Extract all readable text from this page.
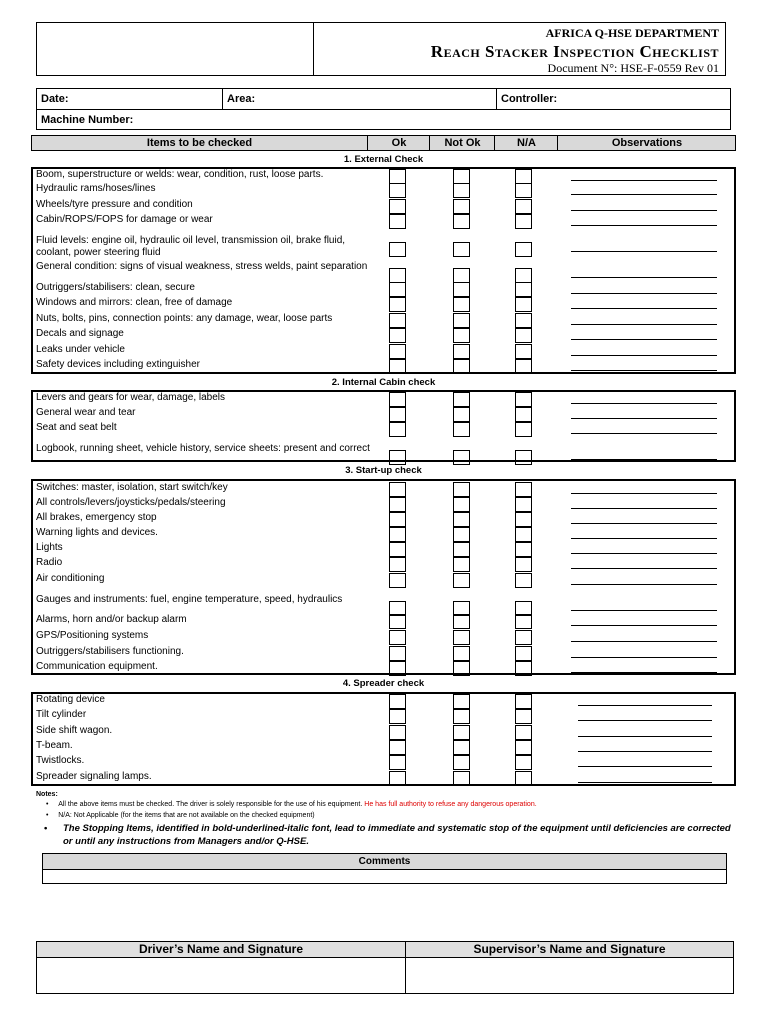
AFRICA Q-HSE DEPARTMENT
Reach Stacker Inspection Checklist
Document N°: HSE-F-0559 Rev 01
Date:	Area:	Controller:
Machine Number:
Items to be checked	Ok	Not Ok	N/A	Observations
1. External Check
Boom, superstructure or welds: wear, condition, rust, loose parts.
Hydraulic rams/hoses/lines
Wheels/tyre pressure and condition
Cabin/ROPS/FOPS for damage or wear
Fluid levels: engine oil, hydraulic oil level, transmission oil, brake fluid, coolant, power steering fluid
General condition: signs of visual weakness, stress welds, paint separation
Outriggers/stabilisers: clean, secure
Windows and mirrors: clean, free of damage
Nuts, bolts, pins, connection points: any damage, wear, loose parts
Decals and signage
Leaks under vehicle
Safety devices including extinguisher
2. Internal Cabin check
Levers and gears for wear, damage, labels
General wear and tear
Seat and seat belt
Logbook, running sheet, vehicle history, service sheets: present and correct
3. Start-up check
Switches: master, isolation, start switch/key
All controls/levers/joysticks/pedals/steering
All brakes, emergency stop
Warning lights and devices.
Lights
Radio
Air conditioning
Gauges and instruments: fuel, engine temperature, speed, hydraulics
Alarms, horn and/or backup alarm
GPS/Positioning systems
Outriggers/stabilisers functioning.
Communication equipment.
4. Spreader check
Rotating device
Tilt cylinder
Side shift wagon.
T-beam.
Twistlocks.
Spreader signaling lamps.
Notes:
•     All the above items must be checked. The driver is solely responsible for the use of his equipment. He has full authority to refuse any dangerous operation.
•     N/A: Not Applicable (for the items that are not available on the checked equipment)
•	The Stopping Items, identified in bold-underlined-italic font, lead to immediate and systematic stop of the equipment until deficiencies are corrected or until any instructions from Managers and/or Q-HSE.
Comments
Driver’s Name and Signature	Supervisor’s Name and Signature
